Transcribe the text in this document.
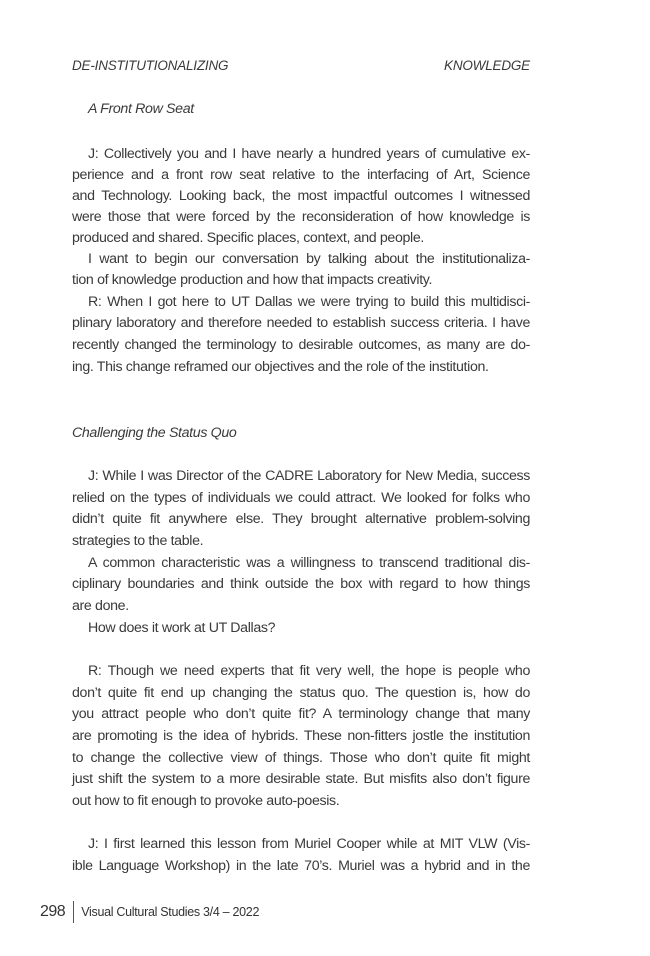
DE-INSTITUTIONALIZING KNOWLEDGE
A Front Row Seat
J: Collectively you and I have nearly a hundred years of cumulative ex-
perience and a front row seat relative to the interfacing of Art, Science
and Technology. Looking back, the most impactful outcomes I witnessed
were those that were forced by the reconsideration of how knowledge is
produced and shared. Specific places, context, and people.
I want to begin our conversation by talking about the institutionaliza-
tion of knowledge production and how that impacts creativity.
R: When I got here to UT Dallas we were trying to build this multidisci-
plinary laboratory and therefore needed to establish success criteria. I have
recently changed the terminology to desirable outcomes, as many are do-
ing. This change reframed our objectives and the role of the institution.
Challenging the Status Quo
J: While I was Director of the CADRE Laboratory for New Media, success
relied on the types of individuals we could attract. We looked for folks who
didn’t quite fit anywhere else. They brought alternative problem-solving
strategies to the table.
A common characteristic was a willingness to transcend traditional dis-
ciplinary boundaries and think outside the box with regard to how things
are done.
How does it work at UT Dallas?
R: Though we need experts that fit very well, the hope is people who
don’t quite fit end up changing the status quo. The question is, how do
you attract people who don’t quite fit? A terminology change that many
are promoting is the idea of hybrids. These non-fitters jostle the institution
to change the collective view of things. Those who don’t quite fit might
just shift the system to a more desirable state. But misfits also don’t figure
out how to fit enough to provoke auto-poesis.
J: I first learned this lesson from Muriel Cooper while at MIT VLW (Vis-
ible Language Workshop) in the late 70’s. Muriel was a hybrid and in the
298 Visual Cultural Studies 3/4 – 2022
